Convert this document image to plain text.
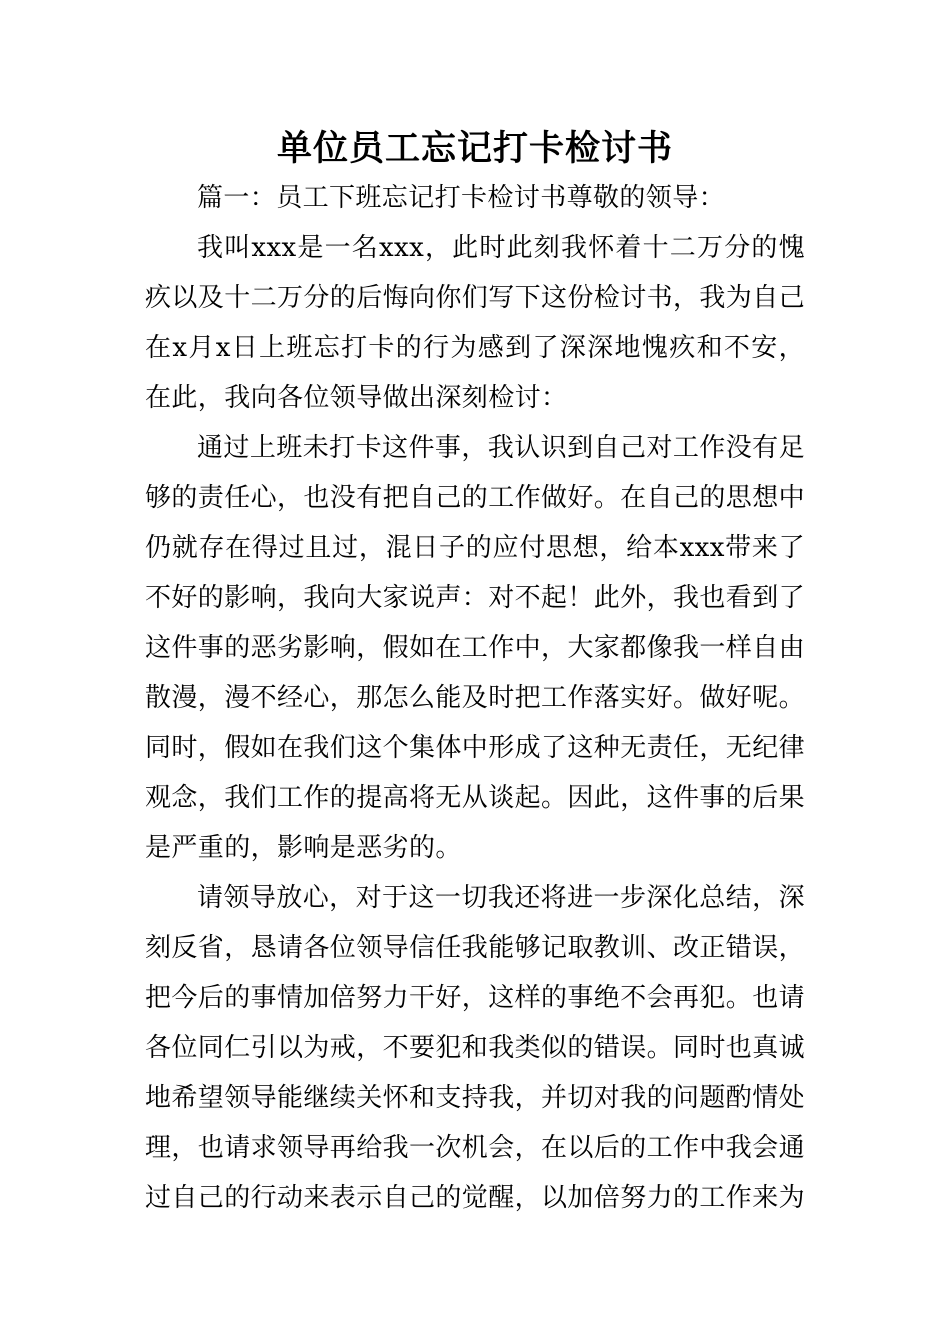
单位员工忘记打卡检讨书

篇一：员工下班忘记打卡检讨书尊敬的领导：

我叫xxx是一名xxx，此时此刻我怀着十二万分的愧疚以及十二万分的后悔向你们写下这份检讨书，我为自己在x月x日上班忘打卡的行为感到了深深地愧疚和不安，在此，我向各位领导做出深刻检讨：

通过上班未打卡这件事，我认识到自己对工作没有足够的责任心，也没有把自己的工作做好。在自己的思想中仍就存在得过且过，混日子的应付思想，给本xxx带来了不好的影响，我向大家说声：对不起！此外，我也看到了这件事的恶劣影响，假如在工作中，大家都像我一样自由散漫，漫不经心，那怎么能及时把工作落实好。做好呢。同时，假如在我们这个集体中形成了这种无责任，无纪律观念，我们工作的提高将无从谈起。因此，这件事的后果是严重的，影响是恶劣的。

请领导放心，对于这一切我还将进一步深化总结，深刻反省，恳请各位领导信任我能够记取教训、改正错误，把今后的事情加倍努力干好，这样的事绝不会再犯。也请各位同仁引以为戒，不要犯和我类似的错误。同时也真诚地希望领导能继续关怀和支持我，并切对我的问题酌情处理，也请求领导再给我一次机会，在以后的工作中我会通过自己的行动来表示自己的觉醒，以加倍努力的工作来为
